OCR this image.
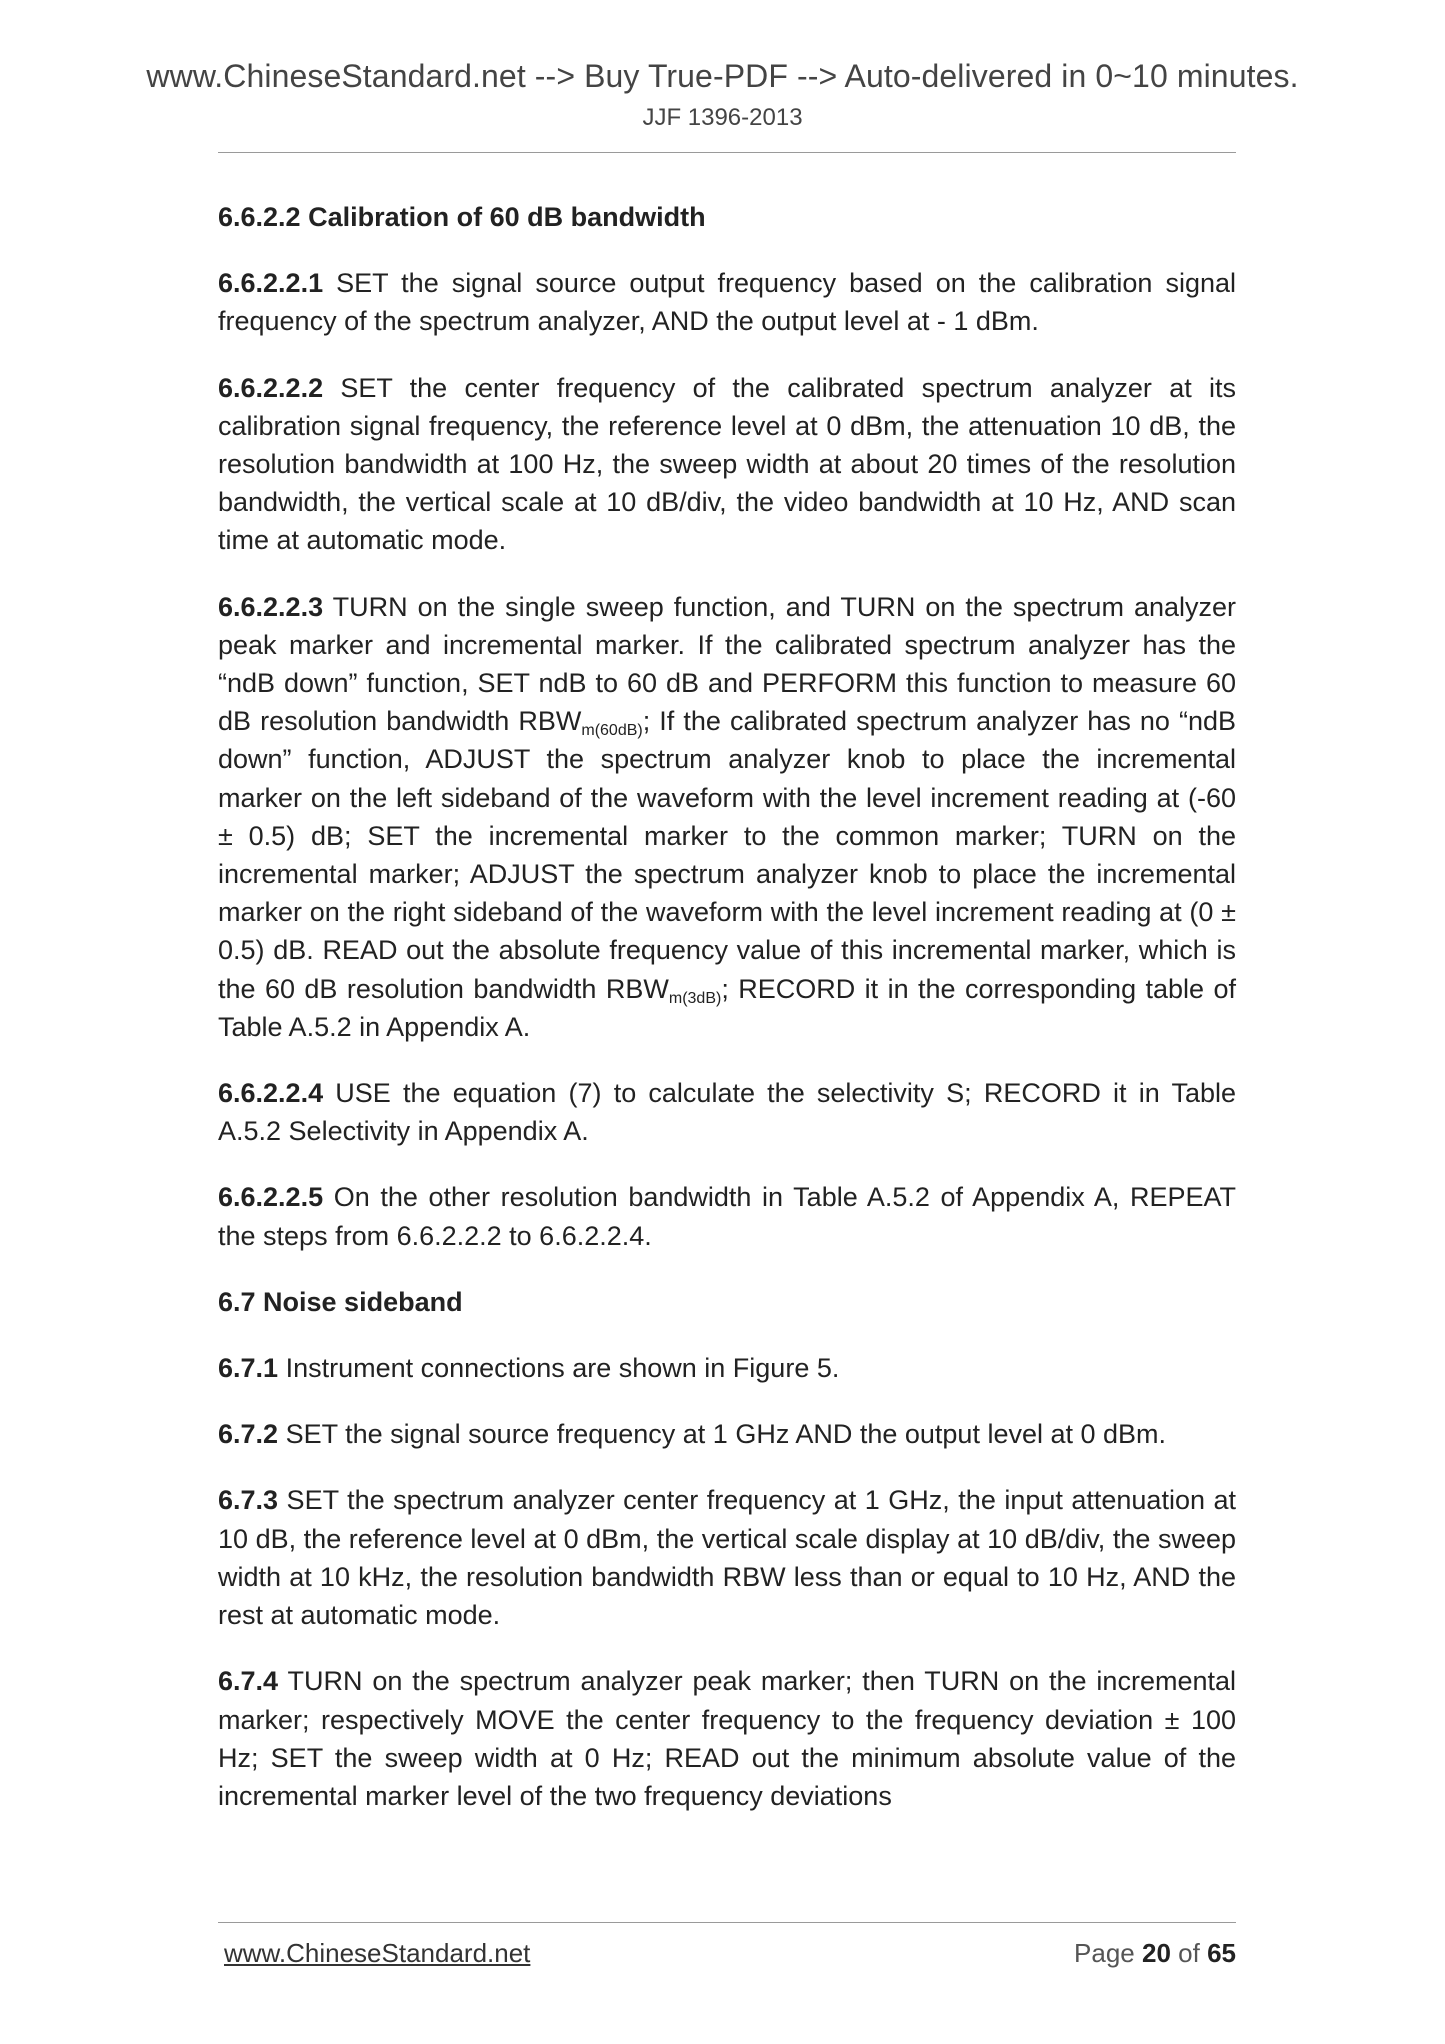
www.ChineseStandard.net --> Buy True-PDF --> Auto-delivered in 0~10 minutes.
JJF 1396-2013
6.6.2.2 Calibration of 60 dB bandwidth
6.6.2.2.1 SET the signal source output frequency based on the calibration signal frequency of the spectrum analyzer, AND the output level at - 1 dBm.
6.6.2.2.2 SET the center frequency of the calibrated spectrum analyzer at its calibration signal frequency, the reference level at 0 dBm, the attenuation 10 dB, the resolution bandwidth at 100 Hz, the sweep width at about 20 times of the resolution bandwidth, the vertical scale at 10 dB/div, the video bandwidth at 10 Hz, AND scan time at automatic mode.
6.6.2.2.3 TURN on the single sweep function, and TURN on the spectrum analyzer peak marker and incremental marker. If the calibrated spectrum analyzer has the “ndB down” function, SET ndB to 60 dB and PERFORM this function to measure 60 dB resolution bandwidth $RBW_{m(60dB)}$; If the calibrated spectrum analyzer has no “ndB down” function, ADJUST the spectrum analyzer knob to place the incremental marker on the left sideband of the waveform with the level increment reading at (-60 ± 0.5) dB; SET the incremental marker to the common marker; TURN on the incremental marker; ADJUST the spectrum analyzer knob to place the incremental marker on the right sideband of the waveform with the level increment reading at (0 ± 0.5) dB. READ out the absolute frequency value of this incremental marker, which is the 60 dB resolution bandwidth $RBW_{m(3dB)}$; RECORD it in the corresponding table of Table A.5.2 in Appendix A.
6.6.2.2.4 USE the equation (7) to calculate the selectivity S; RECORD it in Table A.5.2 Selectivity in Appendix A.
6.6.2.2.5 On the other resolution bandwidth in Table A.5.2 of Appendix A, REPEAT the steps from 6.6.2.2.2 to 6.6.2.2.4.
6.7 Noise sideband
6.7.1 Instrument connections are shown in Figure 5.
6.7.2 SET the signal source frequency at 1 GHz AND the output level at 0 dBm.
6.7.3 SET the spectrum analyzer center frequency at 1 GHz, the input attenuation at 10 dB, the reference level at 0 dBm, the vertical scale display at 10 dB/div, the sweep width at 10 kHz, the resolution bandwidth RBW less than or equal to 10 Hz, AND the rest at automatic mode.
6.7.4 TURN on the spectrum analyzer peak marker; then TURN on the incremental marker; respectively MOVE the center frequency to the frequency deviation ± 100 Hz; SET the sweep width at 0 Hz; READ out the minimum absolute value of the incremental marker level of the two frequency deviations
www.ChineseStandard.net	Page 20 of 65
